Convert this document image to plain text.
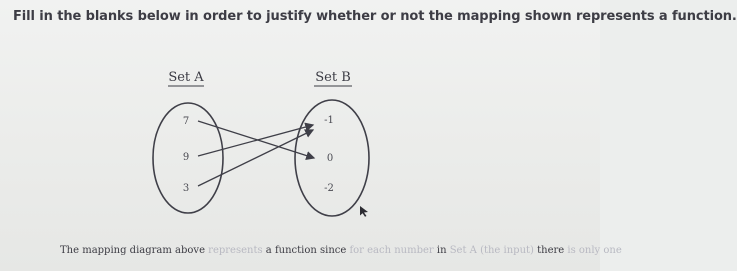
Fill in the blanks below in order to justify whether or not the mapping shown represents a function.

Set A
7
9
3
Set B
-1
0
-2

The mapping diagram above represents a function since for each number in Set A (the input) there is only one
